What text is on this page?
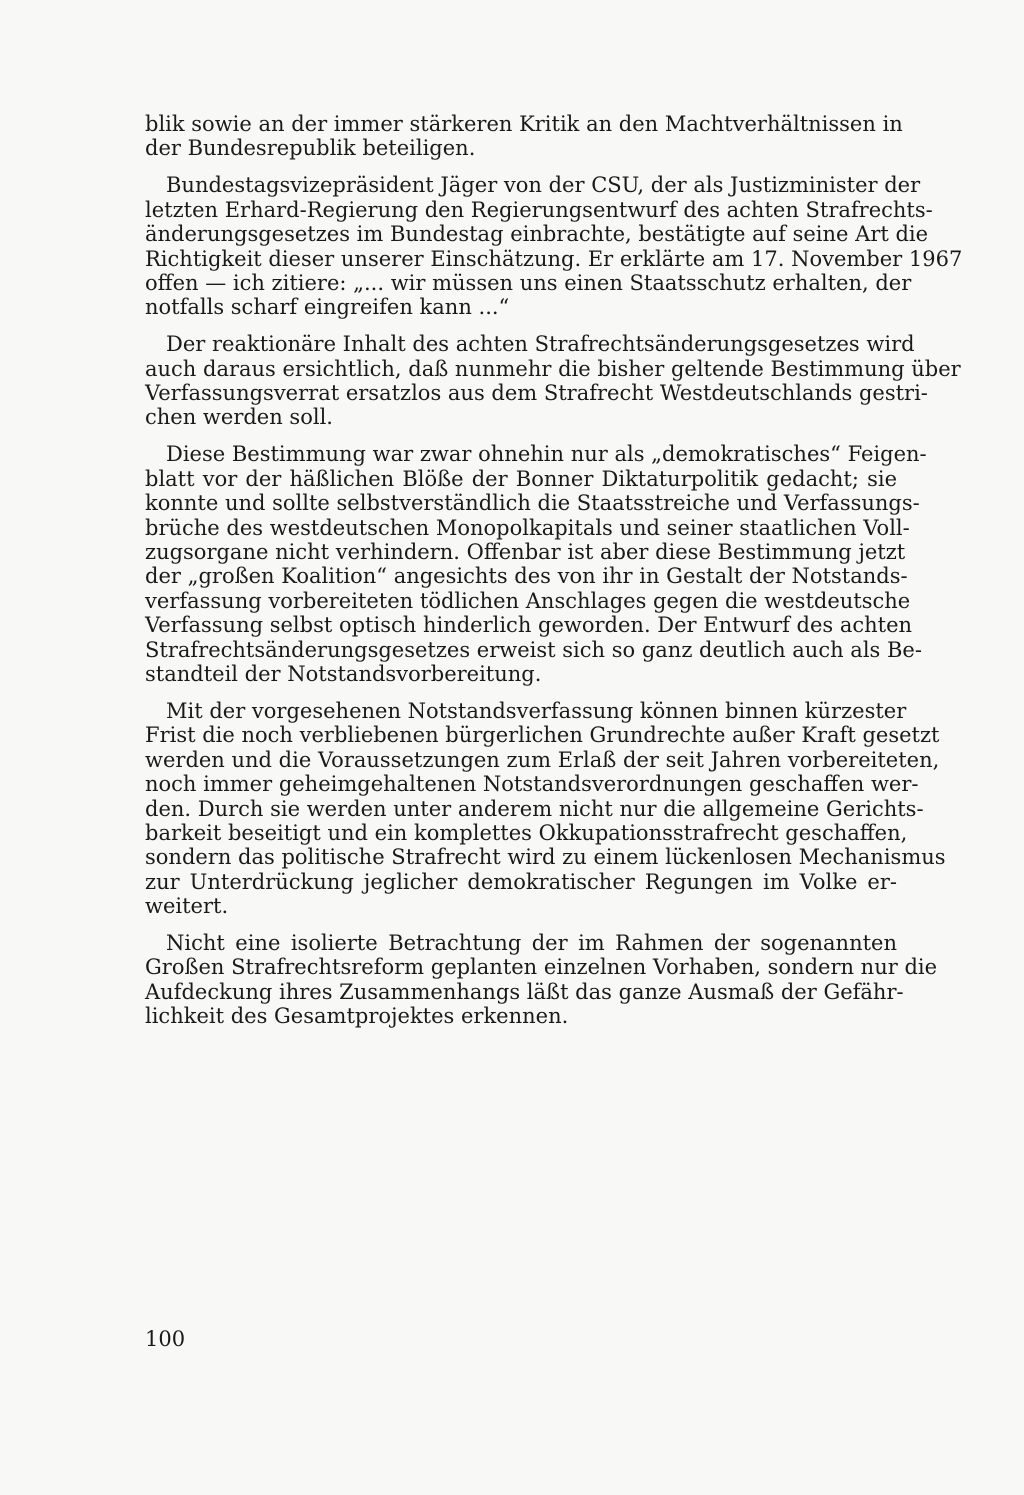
blik sowie an der immer stärkeren Kritik an den Machtverhältnissen in
der Bundesrepublik beteiligen.
Bundestagsvizepräsident Jäger von der CSU, der als Justizminister der
letzten Erhard-Regierung den Regierungsentwurf des achten Strafrechts-
änderungsgesetzes im Bundestag einbrachte, bestätigte auf seine Art die
Richtigkeit dieser unserer Einschätzung. Er erklärte am 17. November 1967
offen — ich zitiere: „... wir müssen uns einen Staatsschutz erhalten, der
notfalls scharf eingreifen kann ...“
Der reaktionäre Inhalt des achten Strafrechtsänderungsgesetzes wird
auch daraus ersichtlich, daß nunmehr die bisher geltende Bestimmung über
Verfassungsverrat ersatzlos aus dem Strafrecht Westdeutschlands gestri-
chen werden soll.
Diese Bestimmung war zwar ohnehin nur als „demokratisches“ Feigen-
blatt vor der häßlichen Blöße der Bonner Diktaturpolitik gedacht; sie
konnte und sollte selbstverständlich die Staatsstreiche und Verfassungs-
brüche des westdeutschen Monopolkapitals und seiner staatlichen Voll-
zugsorgane nicht verhindern. Offenbar ist aber diese Bestimmung jetzt
der „großen Koalition“ angesichts des von ihr in Gestalt der Notstands-
verfassung vorbereiteten tödlichen Anschlages gegen die westdeutsche
Verfassung selbst optisch hinderlich geworden. Der Entwurf des achten
Strafrechtsänderungsgesetzes erweist sich so ganz deutlich auch als Be-
standteil der Notstandsvorbereitung.
Mit der vorgesehenen Notstandsverfassung können binnen kürzester
Frist die noch verbliebenen bürgerlichen Grundrechte außer Kraft gesetzt
werden und die Voraussetzungen zum Erlaß der seit Jahren vorbereiteten,
noch immer geheimgehaltenen Notstandsverordnungen geschaffen wer-
den. Durch sie werden unter anderem nicht nur die allgemeine Gerichts-
barkeit beseitigt und ein komplettes Okkupationsstrafrecht geschaffen,
sondern das politische Strafrecht wird zu einem lückenlosen Mechanismus
zur Unterdrückung jeglicher demokratischer Regungen im Volke er-
weitert.
Nicht eine isolierte Betrachtung der im Rahmen der sogenannten
Großen Strafrechtsreform geplanten einzelnen Vorhaben, sondern nur die
Aufdeckung ihres Zusammenhangs läßt das ganze Ausmaß der Gefähr-
lichkeit des Gesamtprojektes erkennen.
100
